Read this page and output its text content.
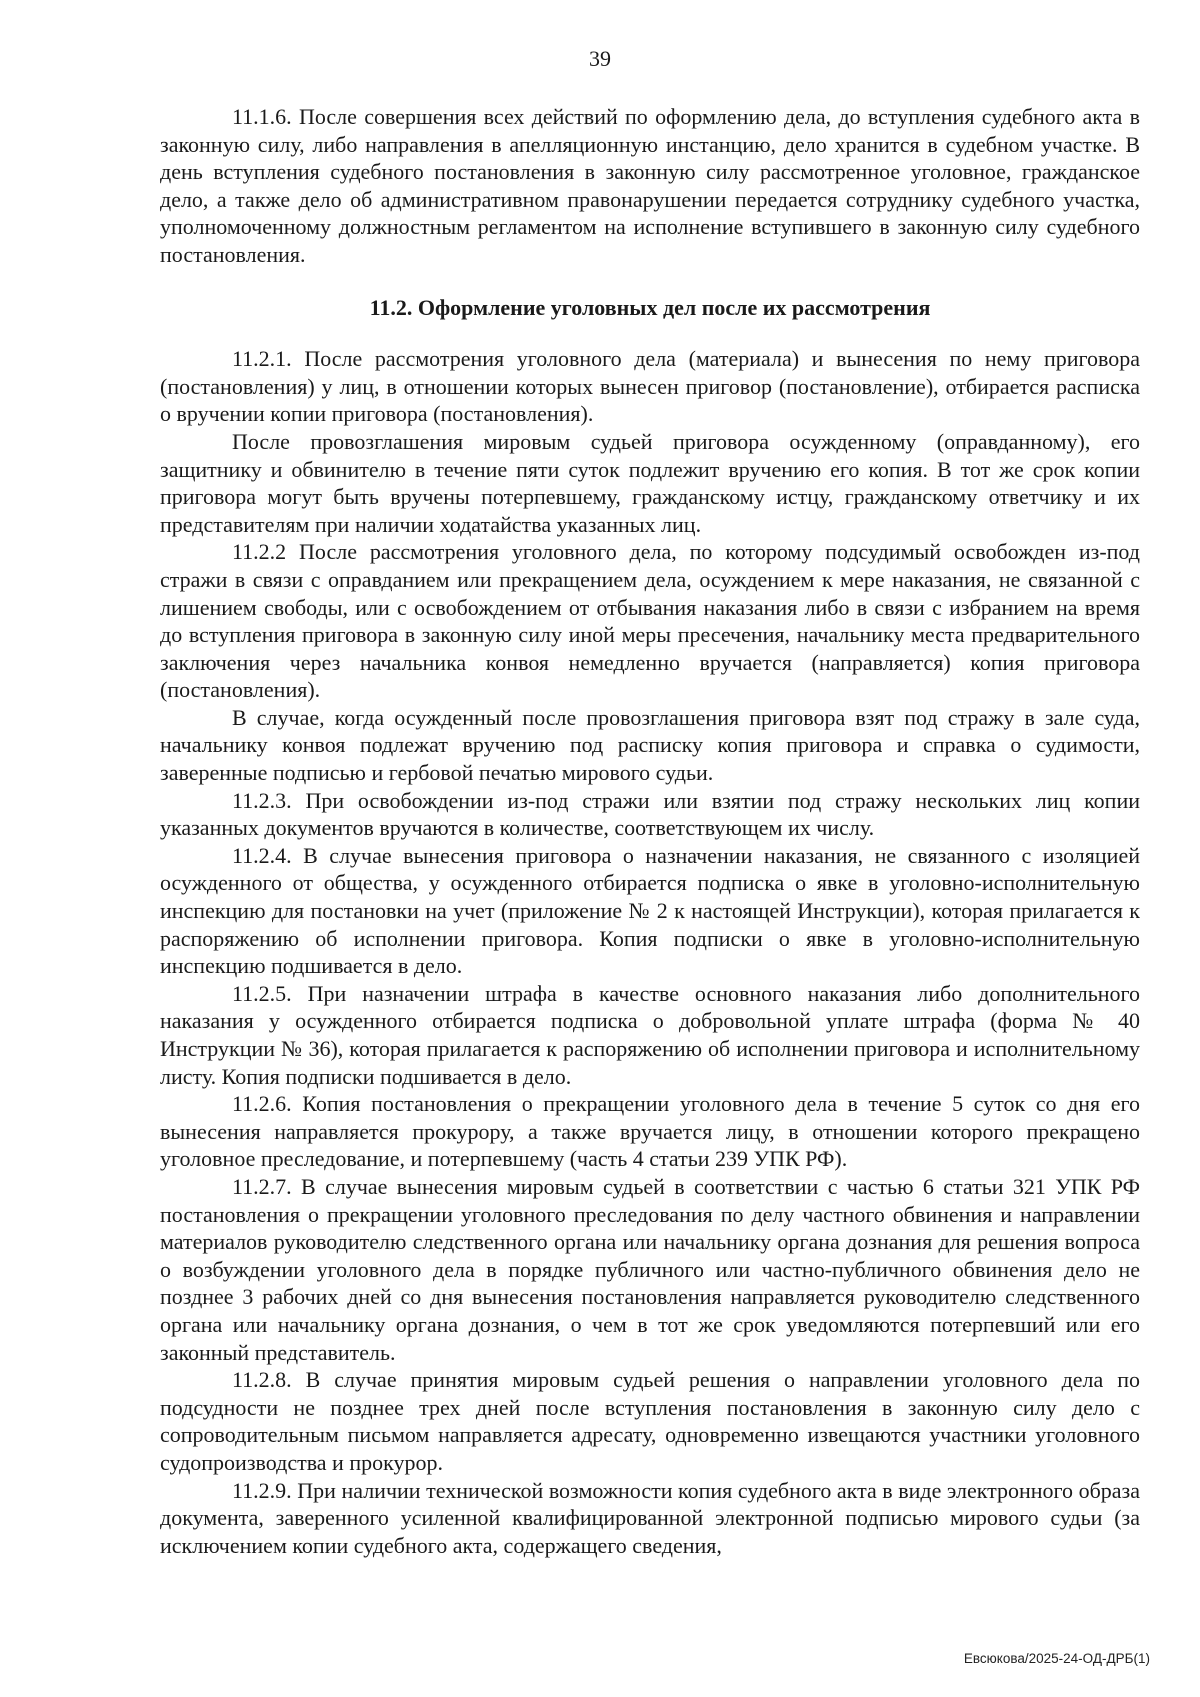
39

11.1.6. После совершения всех действий по оформлению дела, до вступления судебного акта в законную силу, либо направления в апелляционную инстанцию, дело хранится в судебном участке. В день вступления судебного постановления в законную силу рассмотренное уголовное, гражданское дело, а также дело об административном правонарушении передается сотруднику судебного участка, уполномоченному должностным регламентом на исполнение вступившего в законную силу судебного постановления.

11.2. Оформление уголовных дел после их рассмотрения

11.2.1. После рассмотрения уголовного дела (материала) и вынесения по нему приговора (постановления) у лиц, в отношении которых вынесен приговор (постановление), отбирается расписка о вручении копии приговора (постановления).

После провозглашения мировым судьей приговора осужденному (оправданному), его защитнику и обвинителю в течение пяти суток подлежит вручению его копия. В тот же срок копии приговора могут быть вручены потерпевшему, гражданскому истцу, гражданскому ответчику и их представителям при наличии ходатайства указанных лиц.

11.2.2 После рассмотрения уголовного дела, по которому подсудимый освобожден из-под стражи в связи с оправданием или прекращением дела, осуждением к мере наказания, не связанной с лишением свободы, или с освобождением от отбывания наказания либо в связи с избранием на время до вступления приговора в законную силу иной меры пресечения, начальнику места предварительного заключения через начальника конвоя немедленно вручается (направляется) копия приговора (постановления).

В случае, когда осужденный после провозглашения приговора взят под стражу в зале суда, начальнику конвоя подлежат вручению под расписку копия приговора и справка о судимости, заверенные подписью и гербовой печатью мирового судьи.

11.2.3. При освобождении из-под стражи или взятии под стражу нескольких лиц копии указанных документов вручаются в количестве, соответствующем их числу.

11.2.4. В случае вынесения приговора о назначении наказания, не связанного с изоляцией осужденного от общества, у осужденного отбирается подписка о явке в уголовно-исполнительную инспекцию для постановки на учет (приложение № 2 к настоящей Инструкции), которая прилагается к распоряжению об исполнении приговора. Копия подписки о явке в уголовно-исполнительную инспекцию подшивается в дело.

11.2.5. При назначении штрафа в качестве основного наказания либо дополнительного наказания у осужденного отбирается подписка о добровольной уплате штрафа (форма № 40 Инструкции № 36), которая прилагается к распоряжению об исполнении приговора и исполнительному листу. Копия подписки подшивается в дело.

11.2.6. Копия постановления о прекращении уголовного дела в течение 5 суток со дня его вынесения направляется прокурору, а также вручается лицу, в отношении которого прекращено уголовное преследование, и потерпевшему (часть 4 статьи 239 УПК РФ).

11.2.7. В случае вынесения мировым судьей в соответствии с частью 6 статьи 321 УПК РФ постановления о прекращении уголовного преследования по делу частного обвинения и направлении материалов руководителю следственного органа или начальнику органа дознания для решения вопроса о возбуждении уголовного дела в порядке публичного или частно-публичного обвинения дело не позднее 3 рабочих дней со дня вынесения постановления направляется руководителю следственного органа или начальнику органа дознания, о чем в тот же срок уведомляются потерпевший или его законный представитель.

11.2.8. В случае принятия мировым судьей решения о направлении уголовного дела по подсудности не позднее трех дней после вступления постановления в законную силу дело с сопроводительным письмом направляется адресату, одновременно извещаются участники уголовного судопроизводства и прокурор.

11.2.9. При наличии технической возможности копия судебного акта в виде электронного образа документа, заверенного усиленной квалифицированной электронной подписью мирового судьи (за исключением копии судебного акта, содержащего сведения,

Евсюкова/2025-24-ОД-ДРБ(1)
